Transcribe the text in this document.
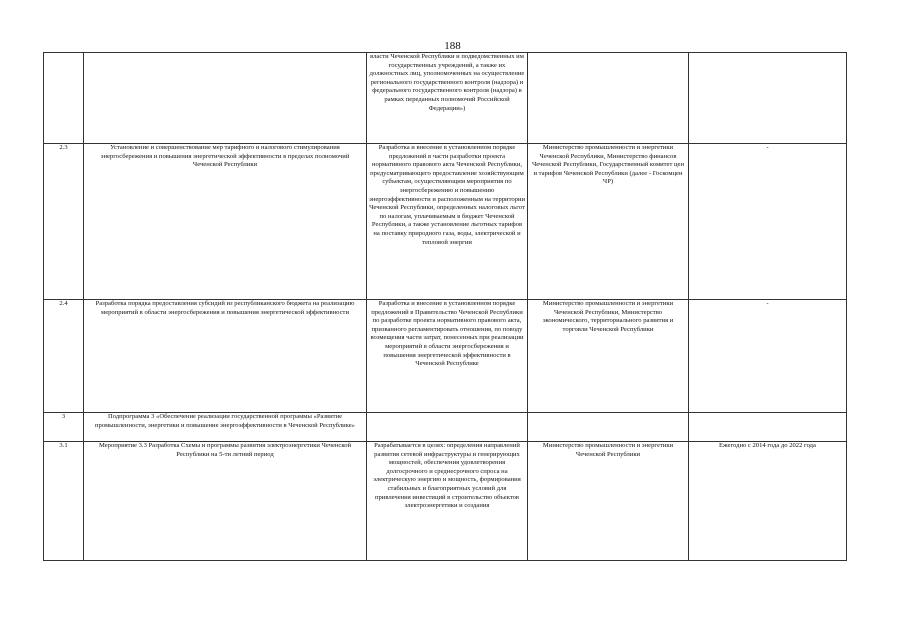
188
		власти Чеченской Республики и подведомственных им государственных учреждений, а также их должностных лиц, уполномоченных на осуществление регионального государственного контроля (надзора) и федерального государственного контроля (надзора) в рамках переданных полномочий Российской Федерации»)		
2.3	Установление и совершенствование мер тарифного и налогового стимулирования энергосбережения и повышения энергетической эффективности в пределах полномочий Чеченской Республики	Разработка и внесение в установленном порядке предложений в части разработки проекта нормативного правового акта Чеченской Республики, предусматривающего предоставление хозяйствующим субъектам, осуществляющим мероприятия по энергосбережению и повышению энергоэффективности и расположенным на территории Чеченской Республики, определенных налоговых льгот по налогам, уплачиваемым в бюджет Чеченской Республики, а также установление льготных тарифов на поставку природного газа, воды, электрической и тепловой энергии	Министерство промышленности и энергетики Чеченской Республики, Министерство финансов Чеченской Республики, Государственный комитет цен и тарифов Чеченской Республики (далее - Госкомцен ЧР)	-
2.4	Разработка порядка предоставления субсидий из республиканского бюджета на реализацию мероприятий в области энергосбережения и повышения энергетической эффективности	Разработка и внесение в установленном порядке предложений в Правительство Чеченской Республики по разработке проекта нормативного правового акта, призванного регламентировать отношения, по поводу возмещения части затрат, понесенных при реализации мероприятий в области энергосбережения и повышения энергетической эффективности в Чеченской Республике	Министерство промышленности и энергетики Чеченской Республики, Министерство экономического, территориального развития и торговли Чеченской Республики	-
3	Подпрограмма 3 «Обеспечение реализации государственной программы «Развитие промышленности, энергетики и повышение энергоэффективности в Чеченской Республике»			
3.1	Мероприятие 3.3 Разработка Схемы и программы развития электроэнергетики Чеченской Республики на 5-ти летний период	Разрабатывается в целях: определения направлений развития сетевой инфраструктуры и генерирующих мощностей, обеспечения удовлетворения долгосрочного и среднесрочного спроса на электрическую энергию и мощность, формирования стабильных и благоприятных условий для привлечения инвестиций в строительство объектов электроэнергетики и создания	Министерство промышленности и энергетики Чеченской Республики	Ежегодно с 2014 года до 2022 года
